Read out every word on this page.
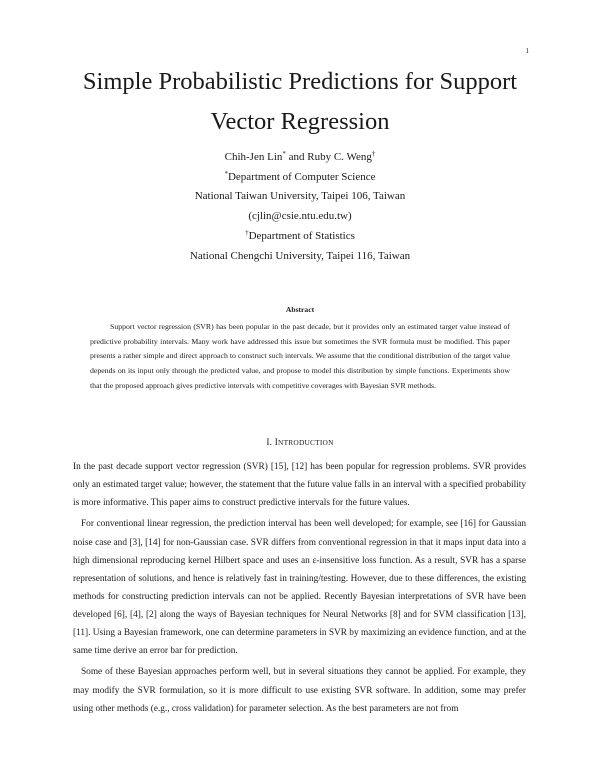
1
Simple Probabilistic Predictions for Support
Vector Regression
Chih-Jen Lin* and Ruby C. Weng†
*Department of Computer Science
National Taiwan University, Taipei 106, Taiwan
(cjlin@csie.ntu.edu.tw)
†Department of Statistics
National Chengchi University, Taipei 116, Taiwan
Abstract

Support vector regression (SVR) has been popular in the past decade, but it provides only an estimated target value instead of predictive probability intervals. Many work have addressed this issue but sometimes the SVR formula must be modified. This paper presents a rather simple and direct approach to construct such intervals. We assume that the conditional distribution of the target value depends on its input only through the predicted value, and propose to model this distribution by simple functions. Experiments show that the proposed approach gives predictive intervals with competitive coverages with Bayesian SVR methods.

I. INTRODUCTION

In the past decade support vector regression (SVR) [15], [12] has been popular for regression problems. SVR provides only an estimated target value; however, the statement that the future value falls in an interval with a specified probability is more informative. This paper aims to construct predictive intervals for the future values.

For conventional linear regression, the prediction interval has been well developed; for example, see [16] for Gaussian noise case and [3], [14] for non-Gaussian case. SVR differs from conventional regression in that it maps input data into a high dimensional reproducing kernel Hilbert space and uses an ε-insensitive loss function. As a result, SVR has a sparse representation of solutions, and hence is relatively fast in training/testing. However, due to these differences, the existing methods for constructing prediction intervals can not be applied. Recently Bayesian interpretations of SVR have been developed [6], [4], [2] along the ways of Bayesian techniques for Neural Networks [8] and for SVM classification [13], [11]. Using a Bayesian framework, one can determine parameters in SVR by maximizing an evidence function, and at the same time derive an error bar for prediction.

Some of these Bayesian approaches perform well, but in several situations they cannot be applied. For example, they may modify the SVR formulation, so it is more difficult to use existing SVR software. In addition, some may prefer using other methods (e.g., cross validation) for parameter selection. As the best parameters are not from
